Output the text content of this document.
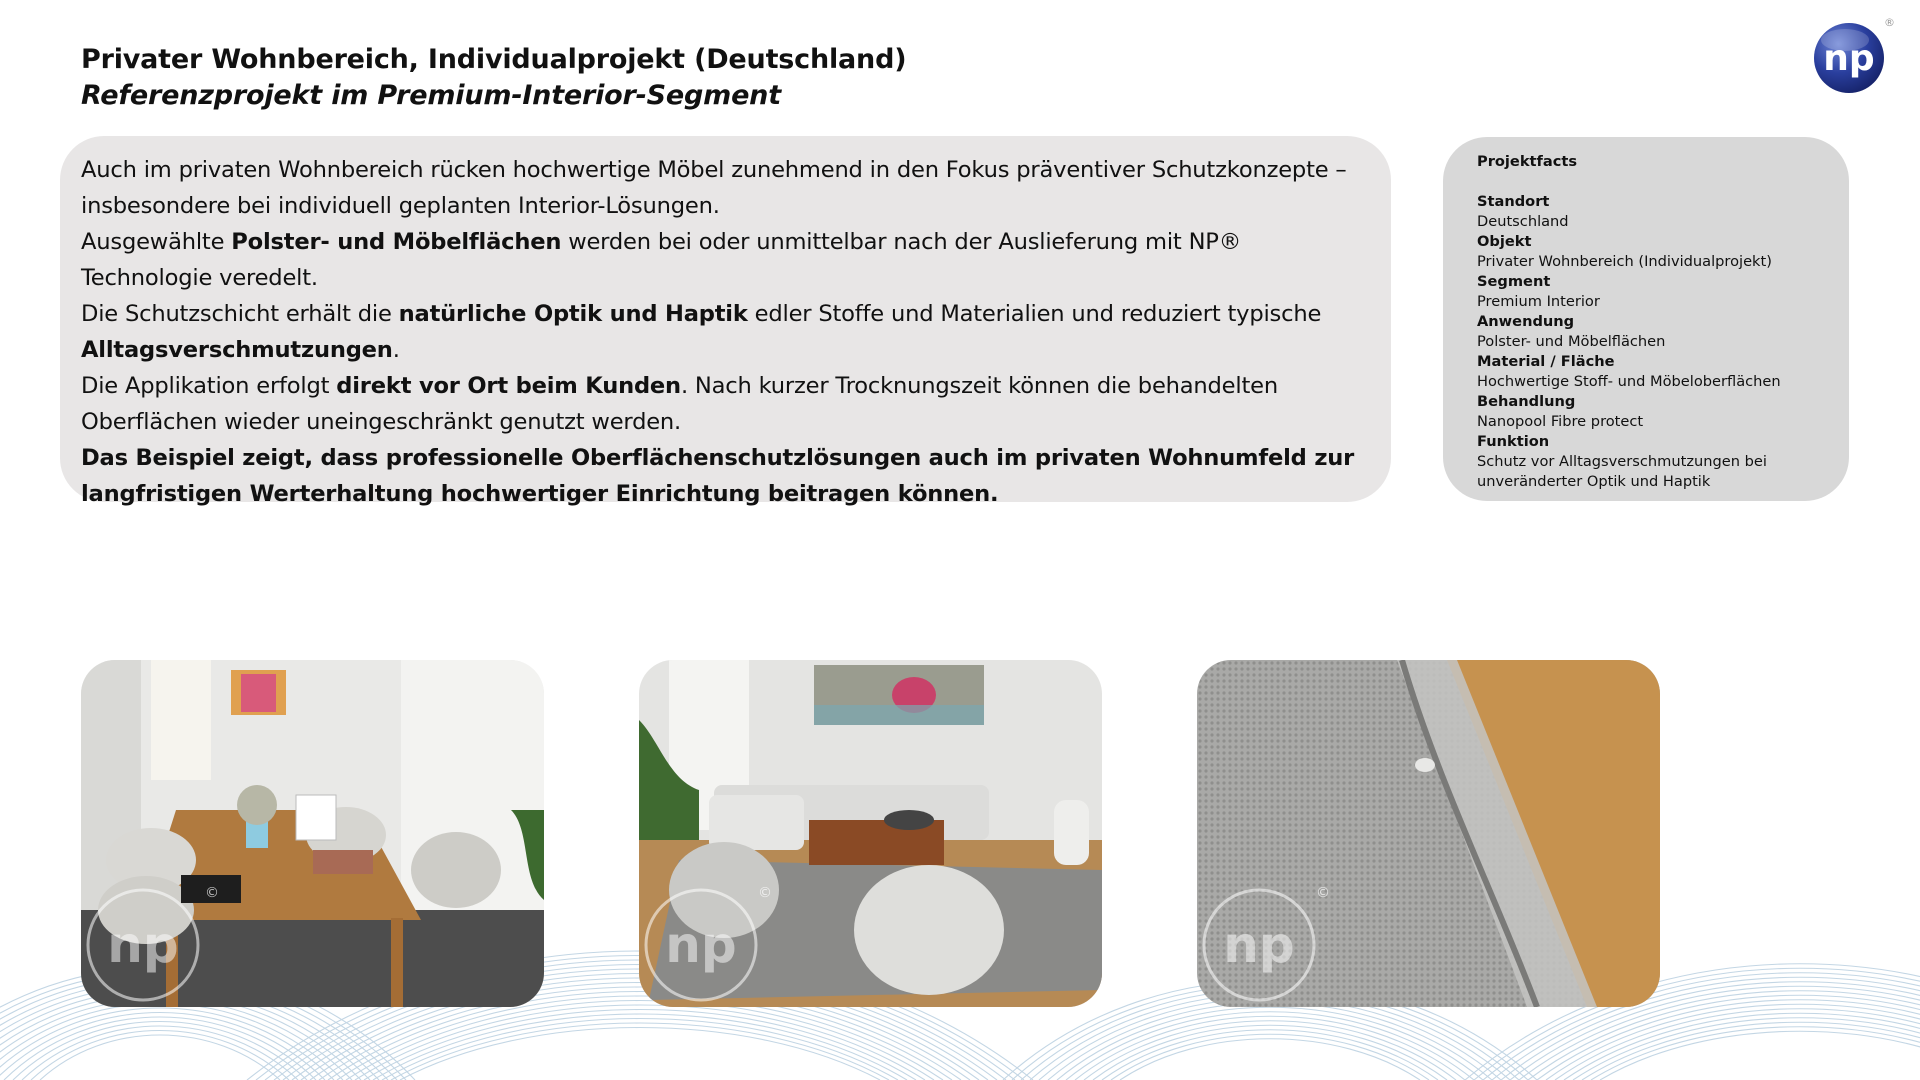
Privater Wohnbereich, Individualprojekt (Deutschland)
Referenzprojekt im Premium-Interior-Segment
np
®

Auch im privaten Wohnbereich rücken hochwertige Möbel zunehmend in den Fokus präventiver Schutzkonzepte – insbesondere bei individuell geplanten Interior-Lösungen.

Ausgewählte Polster- und Möbelflächen werden bei oder unmittelbar nach der Auslieferung mit NP® Technologie veredelt.

Die Schutzschicht erhält die natürliche Optik und Haptik edler Stoffe und Materialien und reduziert typische Alltagsverschmutzungen.

Die Applikation erfolgt direkt vor Ort beim Kunden. Nach kurzer Trocknungszeit können die behandelten Oberflächen wieder uneingeschränkt genutzt werden.

Das Beispiel zeigt, dass professionelle Oberflächenschutzlösungen auch im privaten Wohnumfeld zur langfristigen Werterhaltung hochwertiger Einrichtung beitragen können.

Projektfacts
Standort
Deutschland
Objekt
Privater Wohnbereich (Individualprojekt)
Segment
Premium Interior
Anwendung
Polster- und Möbelflächen
Material / Fläche
Hochwertige Stoff- und Möbeloberflächen
Behandlung
Nanopool Fibre protect
Funktion
Schutz vor Alltagsverschmutzungen bei unveränderter Optik und Haptik
np
©
np
©
np
©
